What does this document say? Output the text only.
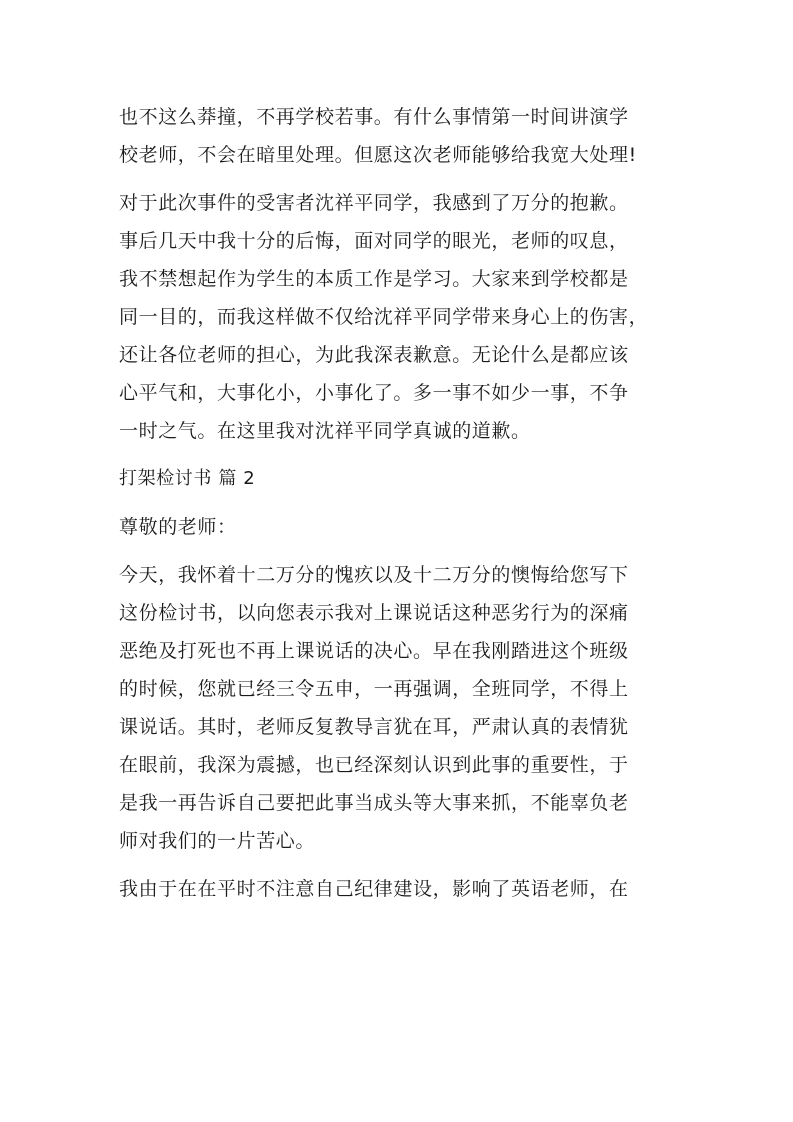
也不这么莽撞，不再学校若事。有什么事情第一时间讲演学
校老师，不会在暗里处理。但愿这次老师能够给我宽大处理!
对于此次事件的受害者沈祥平同学，我感到了万分的抱歉。
事后几天中我十分的后悔，面对同学的眼光，老师的叹息，
我不禁想起作为学生的本质工作是学习。大家来到学校都是
同一目的，而我这样做不仅给沈祥平同学带来身心上的伤害，
还让各位老师的担心，为此我深表歉意。无论什么是都应该
心平气和，大事化小，小事化了。多一事不如少一事，不争
一时之气。在这里我对沈祥平同学真诚的道歉。
打架检讨书 篇 2
尊敬的老师：
今天，我怀着十二万分的愧疚以及十二万分的懊悔给您写下
这份检讨书，以向您表示我对上课说话这种恶劣行为的深痛
恶绝及打死也不再上课说话的决心。早在我刚踏进这个班级
的时候，您就已经三令五申，一再强调，全班同学，不得上
课说话。其时，老师反复教导言犹在耳，严肃认真的表情犹
在眼前，我深为震撼，也已经深刻认识到此事的重要性，于
是我一再告诉自己要把此事当成头等大事来抓，不能辜负老
师对我们的一片苦心。
我由于在在平时不注意自己纪律建设，影响了英语老师，在
